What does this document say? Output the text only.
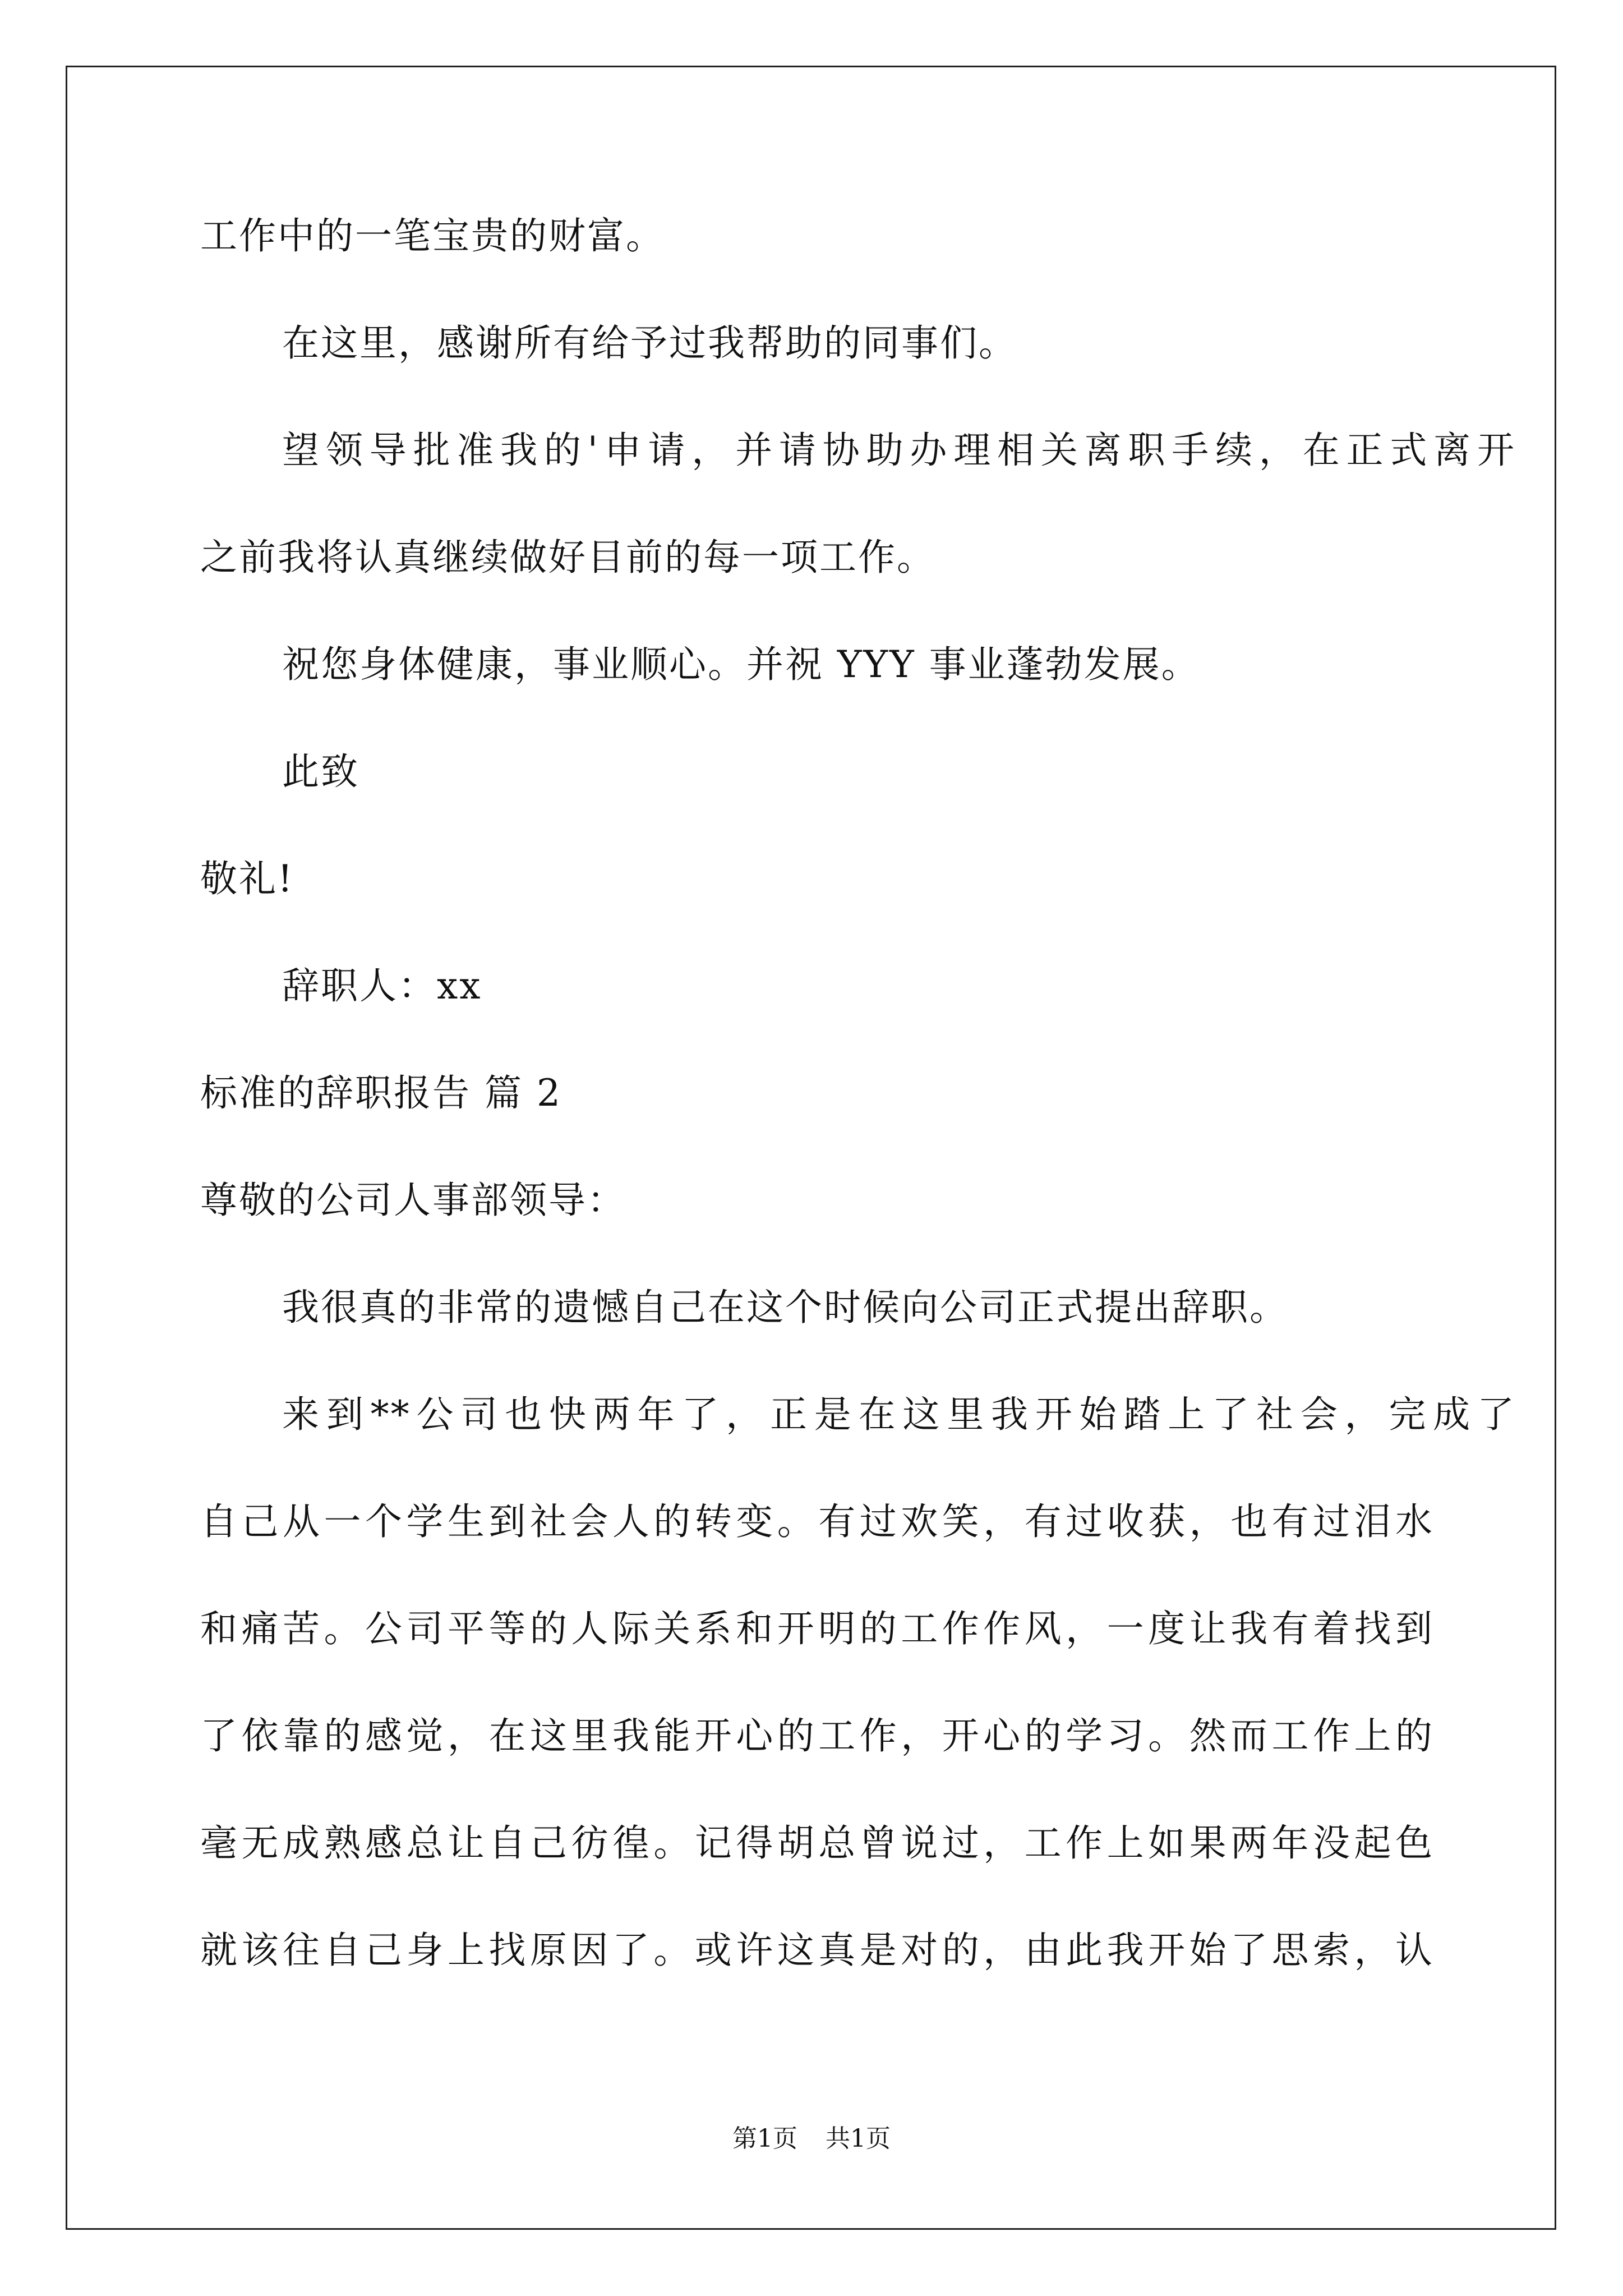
工作中的一笔宝贵的财富。
在这里，感谢所有给予过我帮助的同事们。
望领导批准我的'申请，并请协助办理相关离职手续，在正式离开
之前我将认真继续做好目前的每一项工作。
祝您身体健康，事业顺心。并祝 YYY 事业蓬勃发展。
此致
敬礼!
辞职人：xx
标准的辞职报告 篇 2
尊敬的公司人事部领导：
我很真的非常的遗憾自己在这个时候向公司正式提出辞职。
来到**公司也快两年了，正是在这里我开始踏上了社会，完成了
自己从一个学生到社会人的转变。有过欢笑，有过收获，也有过泪水
和痛苦。公司平等的人际关系和开明的工作作风，一度让我有着找到
了依靠的感觉，在这里我能开心的工作，开心的学习。然而工作上的
毫无成熟感总让自己彷徨。记得胡总曾说过，工作上如果两年没起色
就该往自己身上找原因了。或许这真是对的，由此我开始了思索，认
第1页 共1页
